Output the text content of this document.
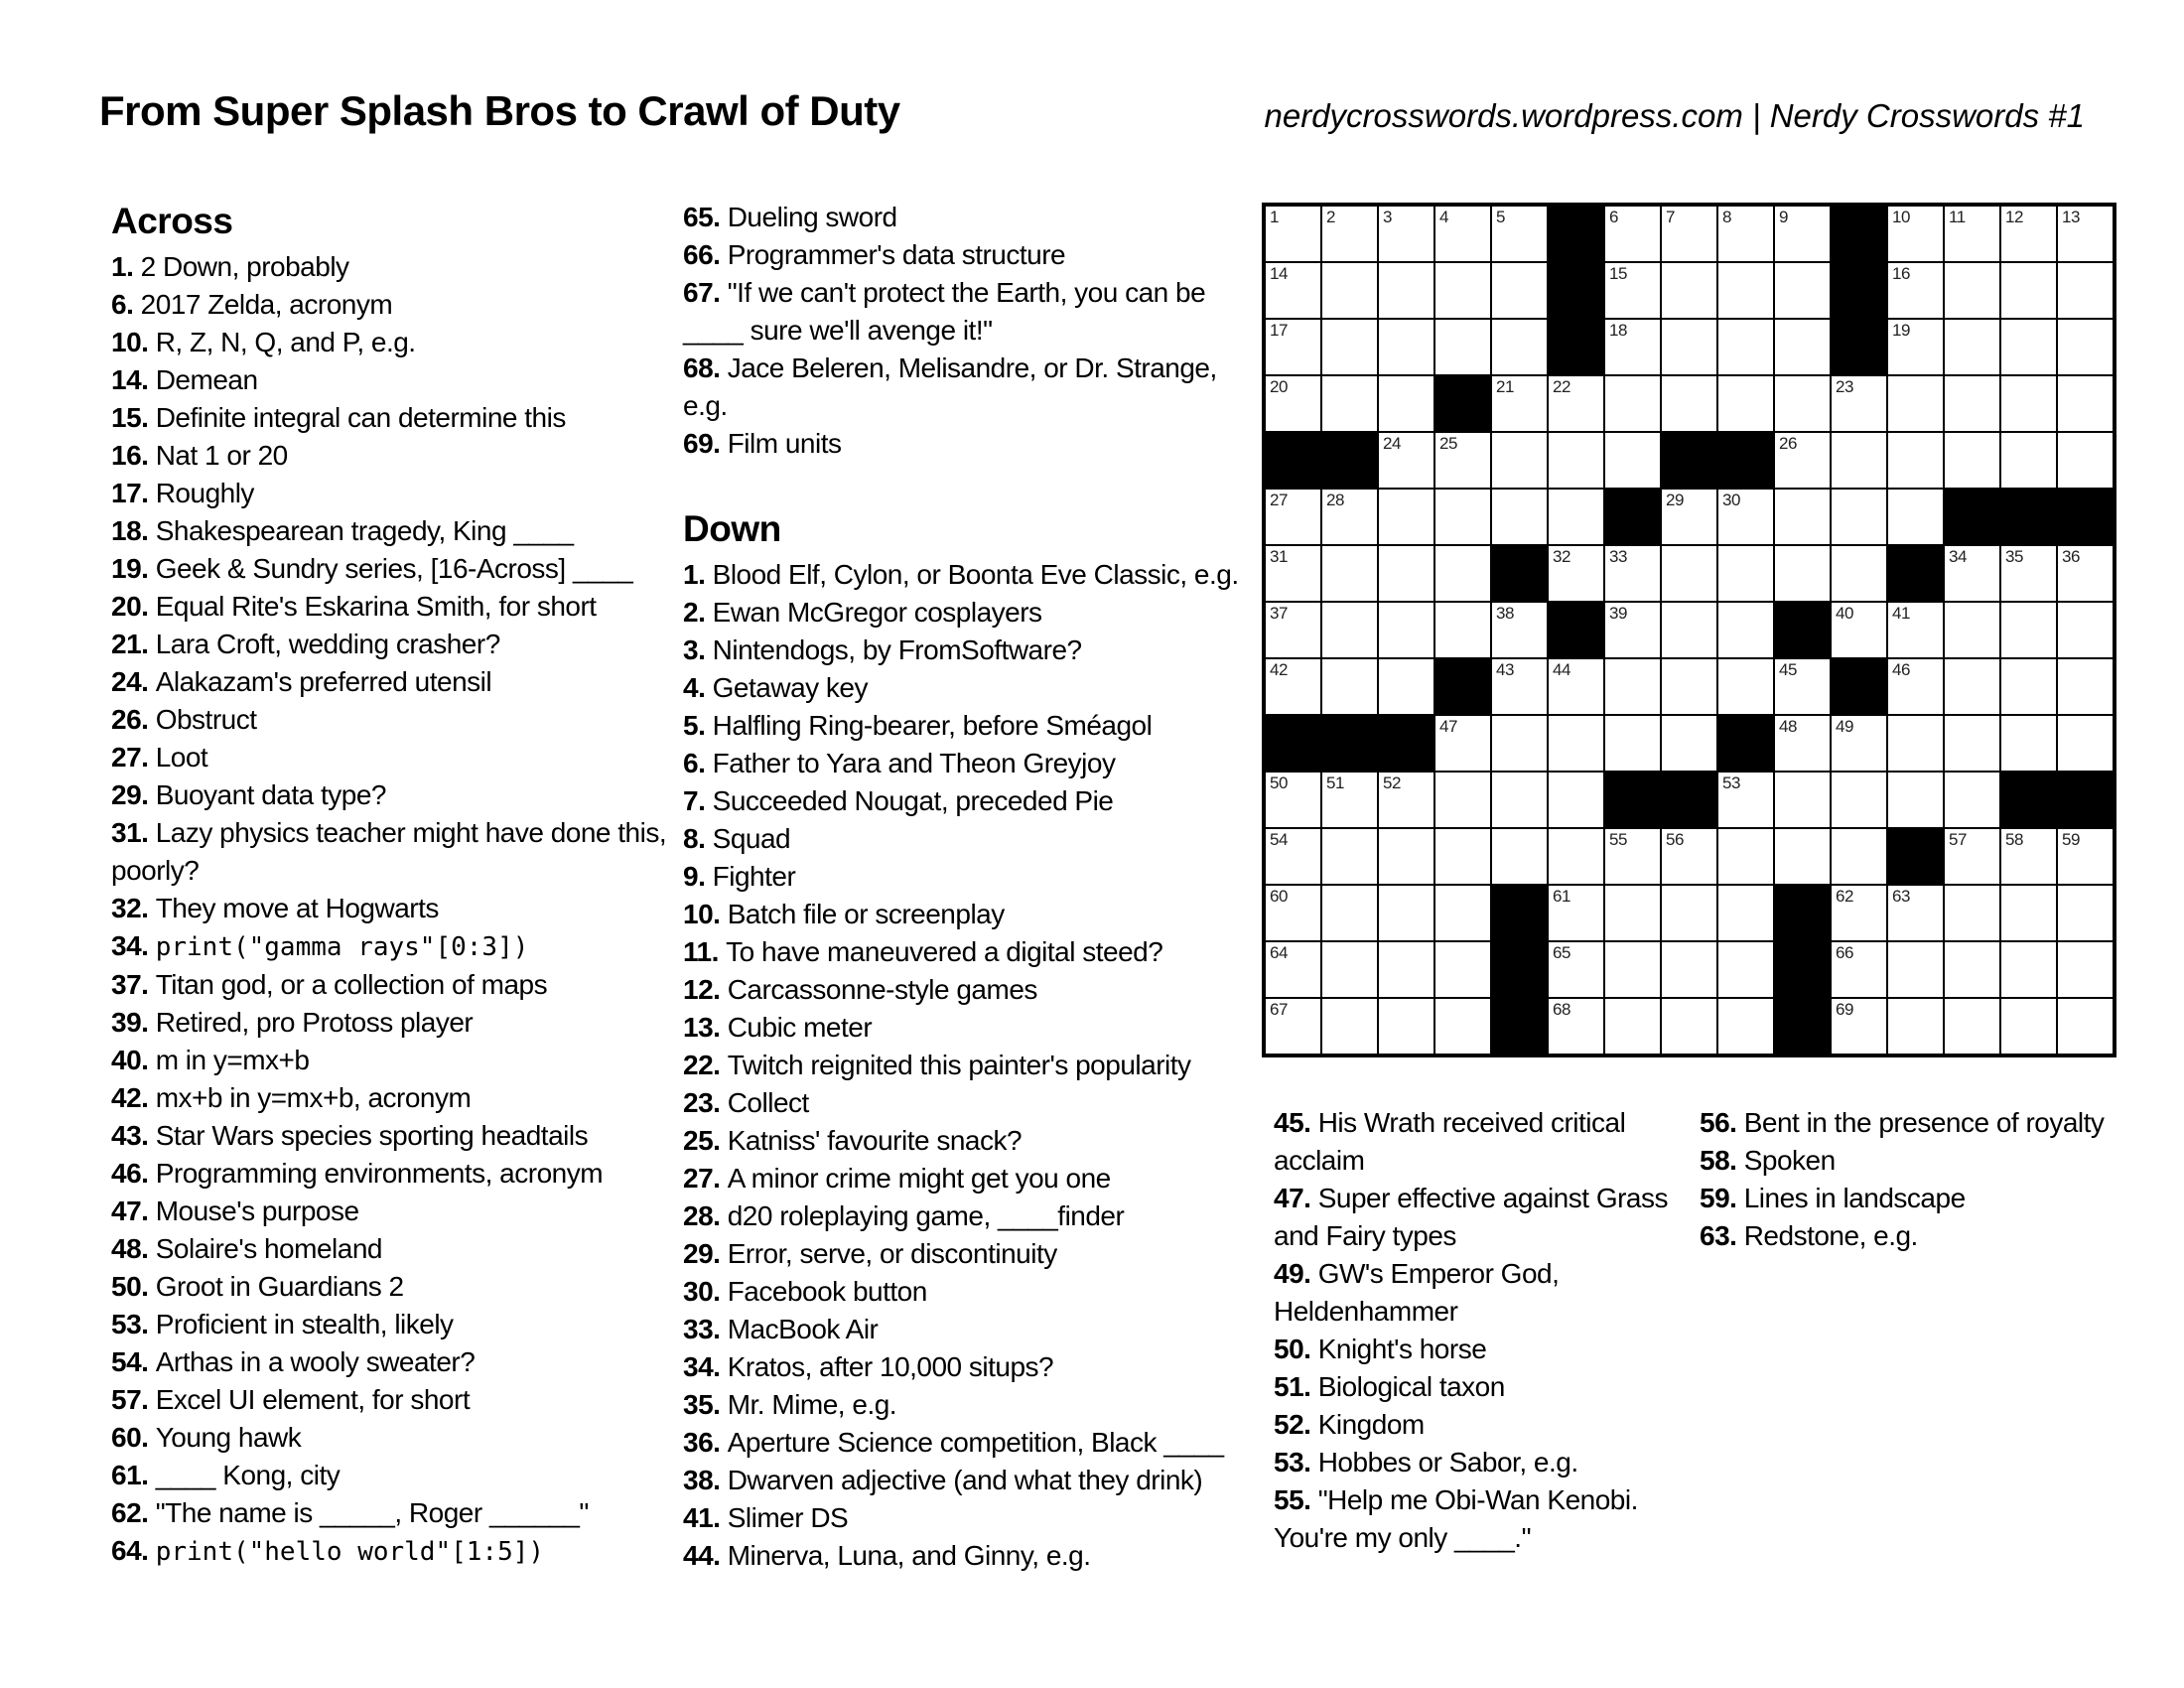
From Super Splash Bros to Crawl of Duty	nerdycrosswords.wordpress.com | Nerdy Crosswords #1
1	2	3	4	5	6	7	8	9	10 11 12 13
14	15	16
17	18	19
20	21 22	23
24 25	26
27 28	29 30
31	32 33	34 35 36
37	38	39	40 41
42	43 44	45	46
47	48 49
50 51 52	53
54	55 56	57 58 59
60	61	62 63
64	65	66
67	68	69
Across
1. 2 Down, probably
6. 2017 Zelda, acronym
10. R, Z, N, Q, and P, e.g.
14. Demean
15. Definite integral can determine this
16. Nat 1 or 20
17. Roughly
18. Shakespearean tragedy, King ____
19. Geek & Sundry series, [16-Across] ____
20. Equal Rite's Eskarina Smith, for short
21. Lara Croft, wedding crasher?
24. Alakazam's preferred utensil
26. Obstruct
27. Loot
29. Buoyant data type?
31. Lazy physics teacher might have done this, poorly?
32. They move at Hogwarts
34. print("gamma rays"[0:3])
37. Titan god, or a collection of maps
39. Retired, pro Protoss player
40. m in y=mx+b
42. mx+b in y=mx+b, acronym
43. Star Wars species sporting headtails
46. Programming environments, acronym
47. Mouse's purpose
48. Solaire's homeland
50. Groot in Guardians 2
53. Proficient in stealth, likely
54. Arthas in a wooly sweater?
57. Excel UI element, for short
60. Young hawk
61. ____ Kong, city
62. "The name is _____, Roger ______"
64. print("hello world"[1:5])
65. Dueling sword
66. Programmer's data structure
67. "If we can't protect the Earth, you can be ____ sure we'll avenge it!"
68. Jace Beleren, Melisandre, or Dr. Strange, e.g.
69. Film units
Down
1. Blood Elf, Cylon, or Boonta Eve Classic, e.g.
2. Ewan McGregor cosplayers
3. Nintendogs, by FromSoftware?
4. Getaway key
5. Halfling Ring-bearer, before Sméagol
6. Father to Yara and Theon Greyjoy
7. Succeeded Nougat, preceded Pie
8. Squad
9. Fighter
10. Batch file or screenplay
11. To have maneuvered a digital steed?
12. Carcassonne-style games
13. Cubic meter
22. Twitch reignited this painter's popularity
23. Collect
25. Katniss' favourite snack?
27. A minor crime might get you one
28. d20 roleplaying game, ____finder
29. Error, serve, or discontinuity
30. Facebook button
33. MacBook Air
34. Kratos, after 10,000 situps?
35. Mr. Mime, e.g.
36. Aperture Science competition, Black ____
38. Dwarven adjective (and what they drink)
41. Slimer DS
44. Minerva, Luna, and Ginny, e.g.
45. His Wrath received critical acclaim
47. Super effective against Grass and Fairy types
49. GW's Emperor God, Heldenhammer
50. Knight's horse
51. Biological taxon
52. Kingdom
53. Hobbes or Sabor, e.g.
55. "Help me Obi-Wan Kenobi. You're my only ____."
56. Bent in the presence of royalty
58. Spoken
59. Lines in landscape
63. Redstone, e.g.
